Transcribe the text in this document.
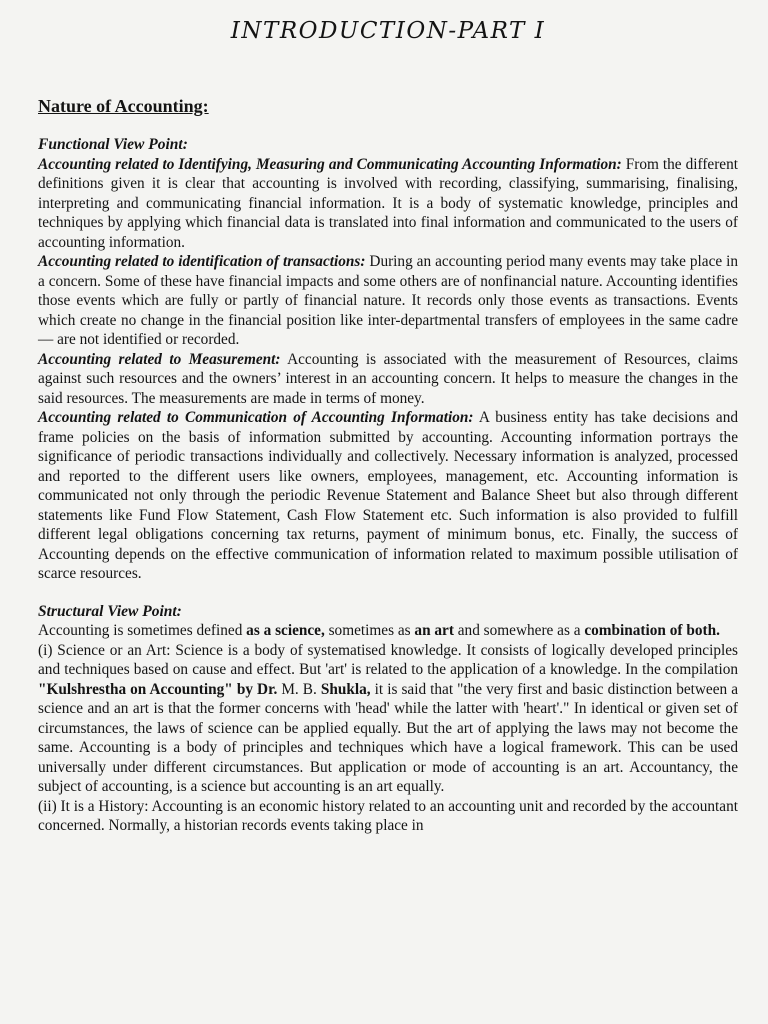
INTRODUCTION-PART I
Nature of Accounting:
Functional View Point:

Accounting related to Identifying, Measuring and Communicating Accounting Information: From the different definitions given it is clear that accounting is involved with recording, classifying, summarising, finalising, interpreting and communicating financial information. It is a body of systematic knowledge, principles and techniques by applying which financial data is translated into final information and communicated to the users of accounting information.

Accounting related to identification of transactions: During an accounting period many events may take place in a concern. Some of these have financial impacts and some others are of nonfinancial nature. Accounting identifies those events which are fully or partly of financial nature. It records only those events as transactions. Events which create no change in the financial position like inter-departmental transfers of employees in the same cadre — are not identified or recorded.

Accounting related to Measurement: Accounting is associated with the measurement of Resources, claims against such resources and the owners’ interest in an accounting concern. It helps to measure the changes in the said resources. The measurements are made in terms of money.

Accounting related to Communication of Accounting Information: A business entity has take decisions and frame policies on the basis of information submitted by accounting. Accounting information portrays the significance of periodic transactions individually and collectively. Necessary information is analyzed, processed and reported to the different users like owners, employees, management, etc. Accounting information is communicated not only through the periodic Revenue Statement and Balance Sheet but also through different statements like Fund Flow Statement, Cash Flow Statement etc. Such information is also provided to fulfill different legal obligations concerning tax returns, payment of minimum bonus, etc. Finally, the success of Accounting depends on the effective communication of information related to maximum possible utilisation of scarce resources.

Structural View Point:

Accounting is sometimes defined as a science, sometimes as an art and somewhere as a combination of both.

(i) Science or an Art: Science is a body of systematised knowledge. It consists of logically developed principles and techniques based on cause and effect. But 'art' is related to the application of a knowledge. In the compilation "Kulshrestha on Accounting" by Dr. M. B. Shukla, it is said that "the very first and basic distinction between a science and an art is that the former concerns with 'head' while the latter with 'heart'." In identical or given set of circumstances, the laws of science can be applied equally. But the art of applying the laws may not become the same. Accounting is a body of principles and techniques which have a logical framework. This can be used universally under different circumstances. But application or mode of accounting is an art. Accountancy, the subject of accounting, is a science but accounting is an art equally.

(ii) It is a History: Accounting is an economic history related to an accounting unit and recorded by the accountant concerned. Normally, a historian records events taking place in
